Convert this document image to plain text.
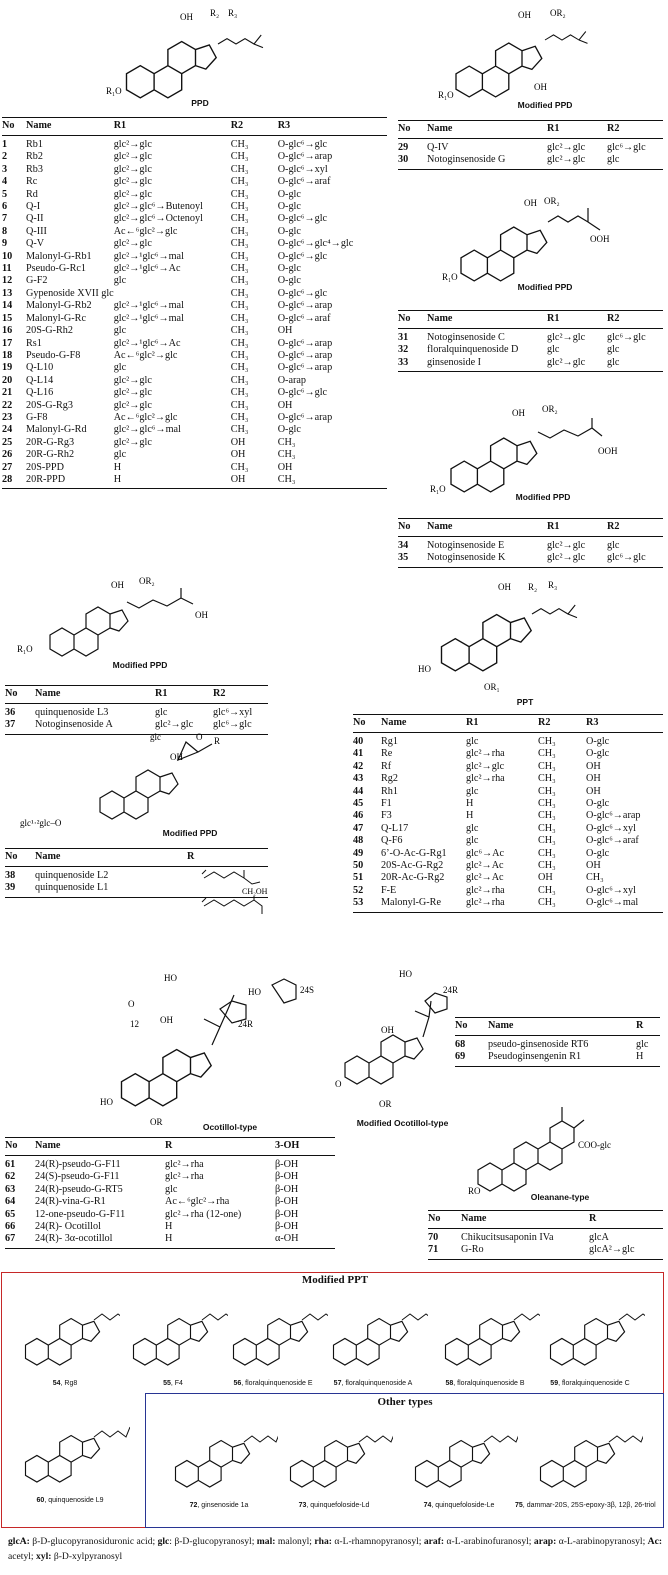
R₁O
OH R₂ R₃
PPD
No	Name	R1	R2	R3
1	Rb1	glc²→glc	CH₃	O-glc⁶→glc
2	Rb2	glc²→glc	CH₃	O-glc⁶→arap
3	Rb3	glc²→glc	CH₃	O-glc⁶→xyl
4	Rc	glc²→glc	CH₃	O-glc⁶→araf
5	Rd	glc²→glc	CH₃	O-glc
6	Q-I	glc²→glc⁶→Butenoyl	CH₃	O-glc
7	Q-II	glc²→glc⁶→Octenoyl	CH₃	O-glc⁶→glc
8	Q-III	Ac←⁶glc²→glc	CH₃	O-glc
9	Q-V	glc²→glc	CH₃	O-glc⁶→glc⁴→glc
10	Malonyl-G-Rb1	glc²→¹glc⁶→mal	CH₃	O-glc⁶→glc
11	Pseudo-G-Rc1	glc²→¹glc⁶→Ac	CH₃	O-glc
12	G-F2	glc	CH₃	O-glc
13	Gypenoside XVII glc		CH₃	O-glc⁶→glc
14	Malonyl-G-Rb2	glc²→¹glc⁶→mal	CH₃	O-glc⁶→arap
15	Malonyl-G-Rc	glc²→¹glc⁶→mal	CH₃	O-glc⁶→araf
16	20S-G-Rh2	glc	CH₃	OH
17	Rs1	glc²→¹glc⁶→Ac	CH₃	O-glc⁶→arap
18	Pseudo-G-F8	Ac←⁶glc²→glc	CH₃	O-glc⁶→arap
19	Q-L10	glc	CH₃	O-glc⁶→arap
20	Q-L14	glc²→glc	CH₃	O-arap
21	Q-L16	glc²→glc	CH₃	O-glc⁶→glc
22	20S-G-Rg3	glc²→glc	CH₃	OH
23	G-F8	Ac←⁶glc²→glc	CH₃	O-glc⁶→arap
24	Malonyl-G-Rd	glc²→glc⁶→mal	CH₃	O-glc
25	20R-G-Rg3	glc²→glc	OH	CH₃
26	20R-G-Rh2	glc	OH	CH₃
27	20S-PPD	H	CH₃	OH
28	20R-PPD	H	OH	CH₃
R₁O
OH OR₂
OH
Modified PPD
No	Name	R1	R2
29	Q-IV	glc²→glc	glc⁶→glc
30	Notoginsenoside G	glc²→glc	glc
R₁O
OH OR₂
OOH
Modified PPD
No	Name	R1	R2
31	Notoginsenoside C	glc²→glc	glc⁶→glc
32	floralquinquenoside D	glc	glc
33	ginsenoside I	glc²→glc	glc
R₁O
OH OR₂
OOH
Modified PPD
No	Name	R1	R2
34	Notoginsenoside E	glc²→glc	glc
35	Notoginsenoside K	glc²→glc	glc⁶→glc
R₁O
OH OR₂
OH
Modified PPD
No	Name	R1	R2
36	quinquenoside L3	glc	glc⁶→xyl
37	Notoginsenoside A	glc²→glc	glc⁶→glc
glc	O R
OH
glc¹·²glc–O
Modified PPD
No	Name	R
38	quinquenoside L2	
39	quinquenoside L1		CH₂OH
HO
OH R₂ R₃
OR₁
PPT
No	Name	R1	R2	R3
40	Rg1	glc	CH₃	O-glc
41	Re	glc²→rha	CH₃	O-glc
42	Rf	glc²→glc	CH₃	OH
43	Rg2	glc²→rha	CH₃	OH
44	Rh1	glc	CH₃	OH
45	F1	H	CH₃	O-glc
46	F3	H	CH₃	O-glc⁶→arap
47	Q-L17	glc	CH₃	O-glc⁶→xyl
48	Q-F6	glc	CH₃	O-glc⁶→araf
49	6’-O-Ac-G-Rg1	glc⁶→Ac	CH₃	O-glc
50	20S-Ac-G-Rg2	glc²→Ac	CH₃	OH
51	20R-Ac-G-Rg2	glc²→Ac	OH	CH₃
52	F-E	glc²→rha	CH₃	O-glc⁶→xyl
53	Malonyl-G-Re	glc²→rha	CH₃	O-glc⁶→mal
O
12 OH
HO
HO
24R
24S
HO
OR	Ocotillol-type
No	Name	R	3-OH
61	24(R)-pseudo-G-F11	glc²→rha	β-OH
62	24(S)-pseudo-G-F11	glc²→rha	β-OH
63	24(R)-pseudo-G-RT5	glc	β-OH
64	24(R)-vina-G-R1	Ac←⁶glc²→rha	β-OH
65	12-one-pseudo-G-F11	glc²→rha (12-one)	β-OH
66	24(R)- Ocotillol	H	β-OH
67	24(R)- 3α-ocotillol	H	α-OH
HO
24R
OH
O
OR
Modified Ocotillol-type
No	Name	R
68	pseudo-ginsenoside RT6	glc
69	Pseudoginsengenin R1	H
RO
COO-glc
Oleanane-type
No	Name	R
70	Chikucitsusaponin IVa	glcA
71	G-Ro	glcA²→glc
Modified PPT
54, Rg8	55, F4	56, floralquinquenoside E	57, floralquinquenoside A	58, floralquinquenoside B	59, floralquinquenoside C
60, quinquenoside L9
Other types
72, ginsenoside 1a	73, quinquefoloside-Ld	74, quinquefoloside-Le	75, dammar-20S, 25S-epoxy-3β, 12β, 26-triol
glcA: β-D-glucopyranosiduronic acid; glc: β-D-glucopyranosyl; mal: malonyl; rha: α-L-rhamnopyranosyl; araf: α-L-arabinofuranosyl; arap: α-L-arabinopyranosyl; Ac: acetyl; xyl: β-D-xylpyranosyl
